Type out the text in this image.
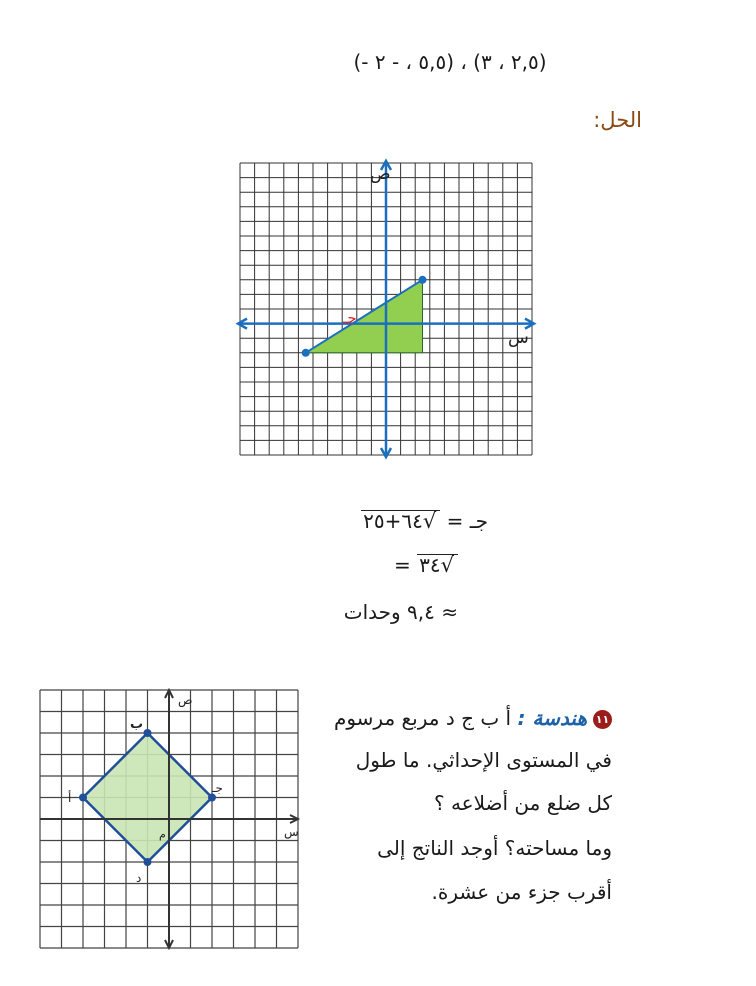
(- ٥,٥ ، - ٢) ، (٢,٥ ، ٣)
الحل:
ص
س
جـ
جـ =
√٦٤+٢٥
= √٣٤
≈ ٩,٤ وحدات
ص
س
أ
ب
جـ
د
م
١١هندسة : أ ب ج د مربع مرسوم
في المستوى الإحداثي. ما طول
كل ضلع من أضلاعه ؟
وما مساحته؟ أوجد الناتج إلى
أقرب جزء من عشرة.
